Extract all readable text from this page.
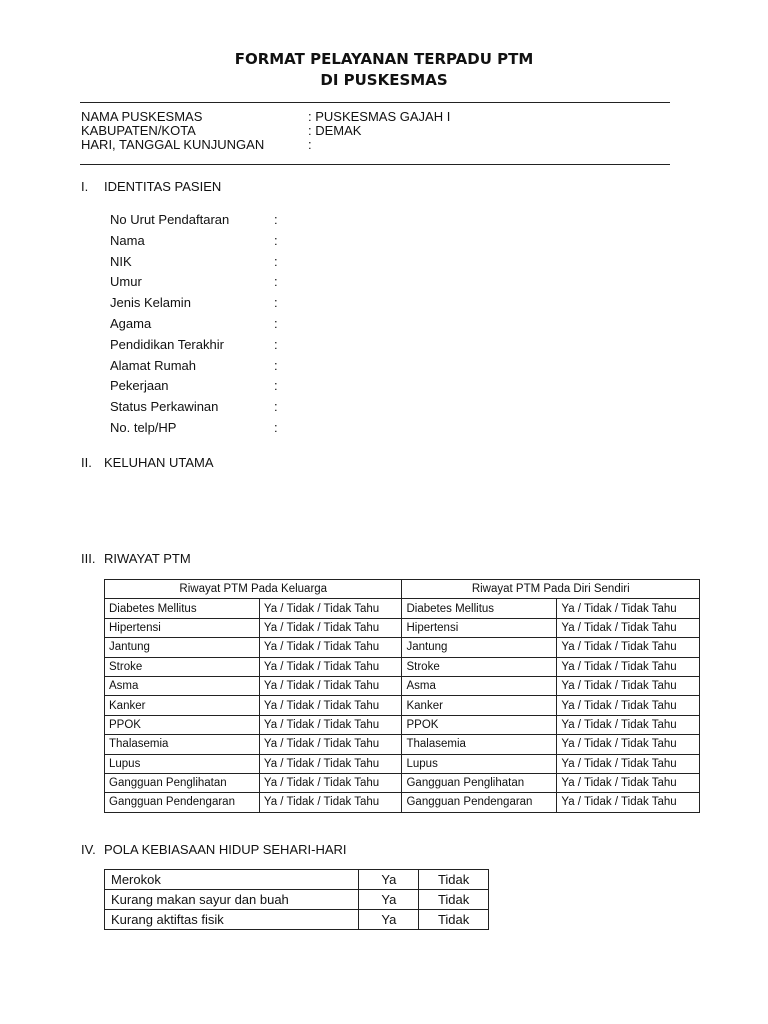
FORMAT PELAYANAN TERPADU PTM
DI PUSKESMAS
NAMA PUSKESMAS	: PUSKESMAS GAJAH I
KABUPATEN/KOTA	: DEMAK
HARI, TANGGAL KUNJUNGAN	:
I. IDENTITAS PASIEN
No Urut Pendaftaran	:
Nama	:
NIK	:
Umur	:
Jenis Kelamin	:
Agama	:
Pendidikan Terakhir	:
Alamat Rumah	:
Pekerjaan	:
Status Perkawinan	:
No. telp/HP	:
II. KELUHAN UTAMA
III. RIWAYAT PTM
Riwayat PTM Pada Keluarga		Riwayat PTM Pada Diri Sendiri	
Diabetes Mellitus	Ya / Tidak / Tidak Tahu	Diabetes Mellitus	Ya / Tidak / Tidak Tahu
Hipertensi	Ya / Tidak / Tidak Tahu	Hipertensi	Ya / Tidak / Tidak Tahu
Jantung	Ya / Tidak / Tidak Tahu	Jantung	Ya / Tidak / Tidak Tahu
Stroke	Ya / Tidak / Tidak Tahu	Stroke	Ya / Tidak / Tidak Tahu
Asma	Ya / Tidak / Tidak Tahu	Asma	Ya / Tidak / Tidak Tahu
Kanker	Ya / Tidak / Tidak Tahu	Kanker	Ya / Tidak / Tidak Tahu
PPOK	Ya / Tidak / Tidak Tahu	PPOK	Ya / Tidak / Tidak Tahu
Thalasemia	Ya / Tidak / Tidak Tahu	Thalasemia	Ya / Tidak / Tidak Tahu
Lupus	Ya / Tidak / Tidak Tahu	Lupus	Ya / Tidak / Tidak Tahu
Gangguan Penglihatan	Ya / Tidak / Tidak Tahu	Gangguan Penglihatan	Ya / Tidak / Tidak Tahu
Gangguan Pendengaran	Ya / Tidak / Tidak Tahu	Gangguan Pendengaran	Ya / Tidak / Tidak Tahu
IV. POLA KEBIASAAN HIDUP SEHARI-HARI
Merokok	Ya	Tidak
Kurang makan sayur dan buah	Ya	Tidak
Kurang aktiftas fisik	Ya	Tidak
